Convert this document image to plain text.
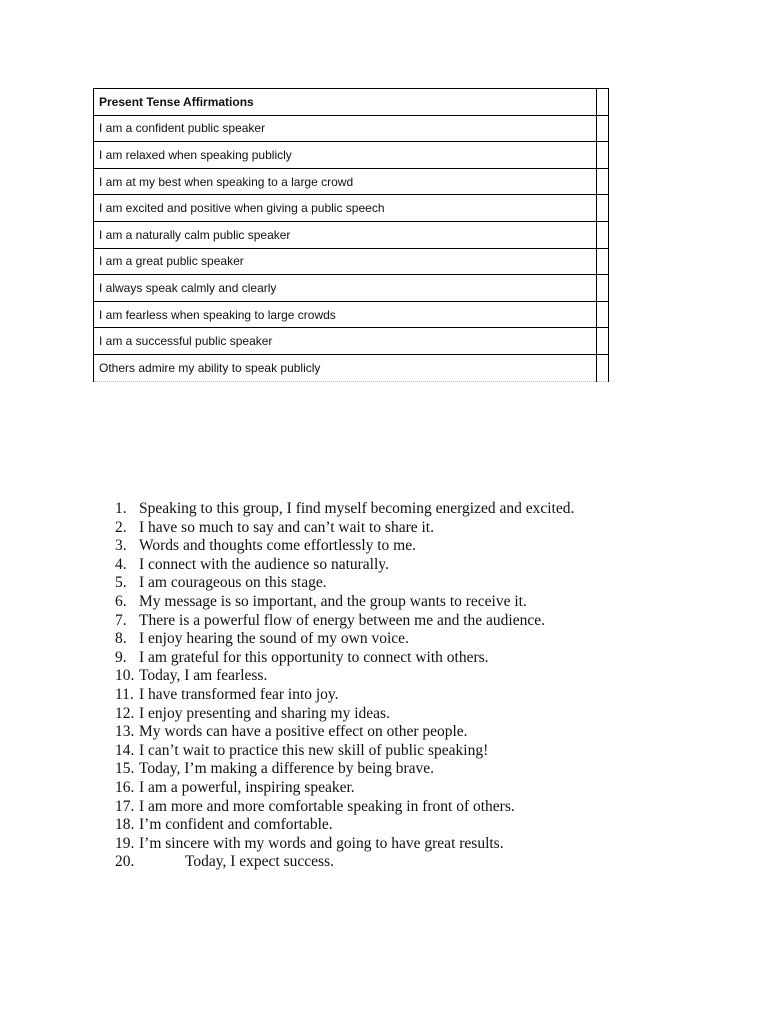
Present Tense Affirmations	
I am a confident public speaker	
I am relaxed when speaking publicly	
I am at my best when speaking to a large crowd	
I am excited and positive when giving a public speech	
I am a naturally calm public speaker	
I am a great public speaker	
I always speak calmly and clearly	
I am fearless when speaking to large crowds	
I am a successful public speaker	
Others admire my ability to speak publicly	
1. Speaking to this group, I find myself becoming energized and excited.
2. I have so much to say and can’t wait to share it.
3. Words and thoughts come effortlessly to me.
4. I connect with the audience so naturally.
5. I am courageous on this stage.
6. My message is so important, and the group wants to receive it.
7. There is a powerful flow of energy between me and the audience.
8. I enjoy hearing the sound of my own voice.
9. I am grateful for this opportunity to connect with others.
10. Today, I am fearless.
11. I have transformed fear into joy.
12. I enjoy presenting and sharing my ideas.
13. My words can have a positive effect on other people.
14. I can’t wait to practice this new skill of public speaking!
15. Today, I’m making a difference by being brave.
16. I am a powerful, inspiring speaker.
17. I am more and more comfortable speaking in front of others.
18. I’m confident and comfortable.
19. I’m sincere with my words and going to have great results.
20.	Today, I expect success.
